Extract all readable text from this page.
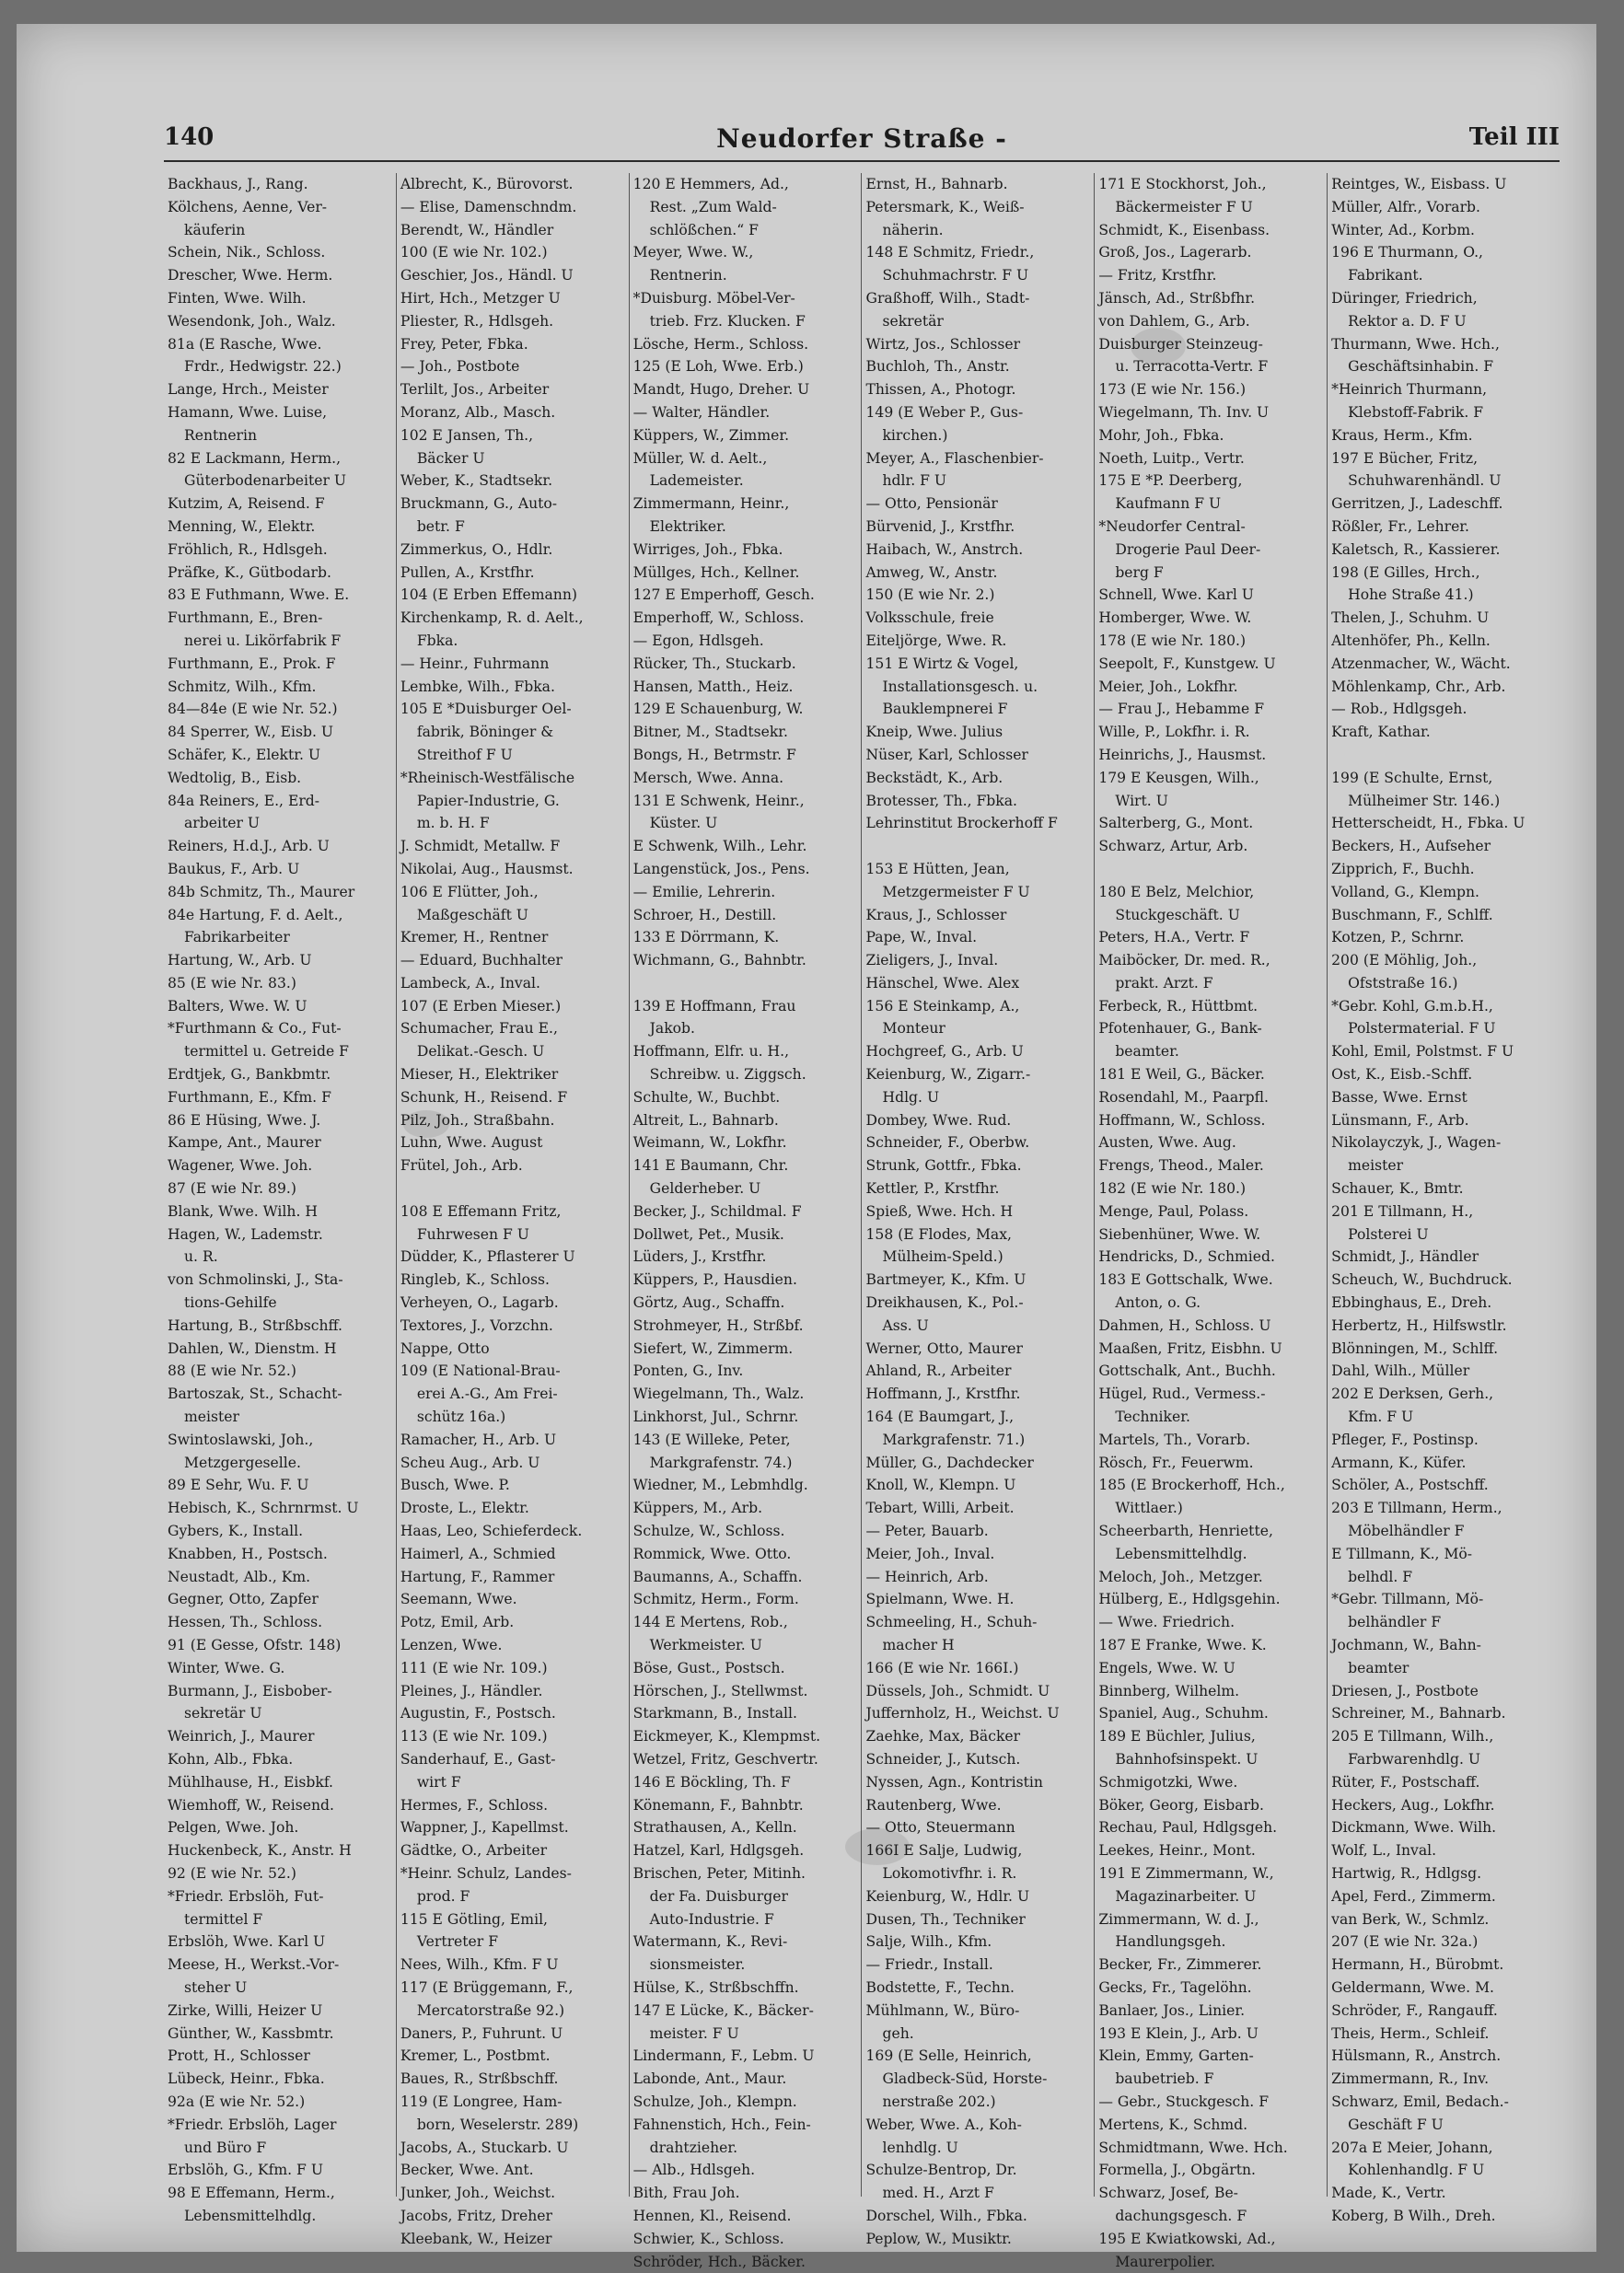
140	Neudorfer Straße -	Teil III
Backhaus, J., Rang.
Kölchens, Aenne, Ver-
käuferin
Schein, Nik., Schloss.
Drescher, Wwe. Herm.
Finten, Wwe. Wilh.
Wesendonk, Joh., Walz.
81a (E Rasche, Wwe.
Frdr., Hedwigstr. 22.)
Lange, Hrch., Meister
Hamann, Wwe. Luise,
Rentnerin
82 E Lackmann, Herm.,
Güterbodenarbeiter U
Kutzim, A, Reisend. F
Menning, W., Elektr.
Fröhlich, R., Hdlsgeh.
Präfke, K., Gütbodarb.
83 E Futhmann, Wwe. E.
Furthmann, E., Bren-
nerei u. Likörfabrik F
Furthmann, E., Prok. F
Schmitz, Wilh., Kfm.
84—84e (E wie Nr. 52.)
84 Sperrer, W., Eisb. U
Schäfer, K., Elektr. U
Wedtolig, B., Eisb.
84a Reiners, E., Erd-
arbeiter U
Reiners, H.d.J., Arb. U
Baukus, F., Arb. U
84b Schmitz, Th., Maurer
84e Hartung, F. d. Aelt.,
Fabrikarbeiter
Hartung, W., Arb. U
85 (E wie Nr. 83.)
Balters, Wwe. W. U
*Furthmann & Co., Fut-
termittel u. Getreide F
Erdtjek, G., Bankbmtr.
Furthmann, E., Kfm. F
86 E Hüsing, Wwe. J.
Kampe, Ant., Maurer
Wagener, Wwe. Joh.
87 (E wie Nr. 89.)
Blank, Wwe. Wilh. H
Hagen, W., Lademstr.
u. R.
von Schmolinski, J., Sta-
tions-Gehilfe
Hartung, B., Strßbschff.
Dahlen, W., Dienstm. H
88 (E wie Nr. 52.)
Bartoszak, St., Schacht-
meister
Swintoslawski, Joh.,
Metzgergeselle.
89 E Sehr, Wu. F. U
Hebisch, K., Schrnrmst. U
Gybers, K., Install.
Knabben, H., Postsch.
Neustadt, Alb., Km.
Gegner, Otto, Zapfer
Hessen, Th., Schloss.
91 (E Gesse, Ofstr. 148)
Winter, Wwe. G.
Burmann, J., Eisbober-
sekretär U
Weinrich, J., Maurer
Kohn, Alb., Fbka.
Mühlhause, H., Eisbkf.
Wiemhoff, W., Reisend.
Pelgen, Wwe. Joh.
Huckenbeck, K., Anstr. H
92 (E wie Nr. 52.)
*Friedr. Erbslöh, Fut-
termittel F
Erbslöh, Wwe. Karl U
Meese, H., Werkst.-Vor-
steher U
Zirke, Willi, Heizer U
Günther, W., Kassbmtr.
Prott, H., Schlosser
Lübeck, Heinr., Fbka.
92a (E wie Nr. 52.)
*Friedr. Erbslöh, Lager
und Büro F
Erbslöh, G., Kfm. F U
98 E Effemann, Herm.,
Lebensmittelhdlg.
Albrecht, K., Bürovorst.
— Elise, Damenschndm.
Berendt, W., Händler
100 (E wie Nr. 102.)
Geschier, Jos., Händl. U
Hirt, Hch., Metzger U
Pliester, R., Hdlsgeh.
Frey, Peter, Fbka.
— Joh., Postbote
Terlilt, Jos., Arbeiter
Moranz, Alb., Masch.
102 E Jansen, Th.,
Bäcker U
Weber, K., Stadtsekr.
Bruckmann, G., Auto-
betr. F
Zimmerkus, O., Hdlr.
Pullen, A., Krstfhr.
104 (E Erben Effemann)
Kirchenkamp, R. d. Aelt.,
Fbka.
— Heinr., Fuhrmann
Lembke, Wilh., Fbka.
105 E *Duisburger Oel-
fabrik, Böninger &
Streithof F U
*Rheinisch-Westfälische
Papier-Industrie, G.
m. b. H. F
J. Schmidt, Metallw. F
Nikolai, Aug., Hausmst.
106 E Flütter, Joh.,
Maßgeschäft U
Kremer, H., Rentner
— Eduard, Buchhalter
Lambeck, A., Inval.
107 (E Erben Mieser.)
Schumacher, Frau E.,
Delikat.-Gesch. U
Mieser, H., Elektriker
Schunk, H., Reisend. F
Pilz, Joh., Straßbahn.
Luhn, Wwe. August
Frütel, Joh., Arb.

108 E Effemann Fritz,
Fuhrwesen F U
Düdder, K., Pflasterer U
Ringleb, K., Schloss.
Verheyen, O., Lagarb.
Textores, J., Vorzchn.
Nappe, Otto
109 (E National-Brau-
erei A.-G., Am Frei-
schütz 16a.)
Ramacher, H., Arb. U
Scheu Aug., Arb. U
Busch, Wwe. P.
Droste, L., Elektr.
Haas, Leo, Schieferdeck.
Haimerl, A., Schmied
Hartung, F., Rammer
Seemann, Wwe.
Potz, Emil, Arb.
Lenzen, Wwe.
111 (E wie Nr. 109.)
Pleines, J., Händler.
Augustin, F., Postsch.
113 (E wie Nr. 109.)
Sanderhauf, E., Gast-
wirt F
Hermes, F., Schloss.
Wappner, J., Kapellmst.
Gädtke, O., Arbeiter
*Heinr. Schulz, Landes-
prod. F
115 E Götling, Emil,
Vertreter F
Nees, Wilh., Kfm. F U
117 (E Brüggemann, F.,
Mercatorstraße 92.)
Daners, P., Fuhrunt. U
Kremer, L., Postbmt.
Baues, R., Strßbschff.
119 (E Longree, Ham-
born, Weselerstr. 289)
Jacobs, A., Stuckarb. U
Becker, Wwe. Ant.
Junker, Joh., Weichst.
Jacobs, Fritz, Dreher
Kleebank, W., Heizer
120 E Hemmers, Ad.,
Rest. „Zum Wald-
schlößchen.“ F
Meyer, Wwe. W.,
Rentnerin.
*Duisburg. Möbel-Ver-
trieb. Frz. Klucken. F
Lösche, Herm., Schloss.
125 (E Loh, Wwe. Erb.)
Mandt, Hugo, Dreher. U
— Walter, Händler.
Küppers, W., Zimmer.
Müller, W. d. Aelt.,
Lademeister.
Zimmermann, Heinr.,
Elektriker.
Wirriges, Joh., Fbka.
Müllges, Hch., Kellner.
127 E Emperhoff, Gesch.
Emperhoff, W., Schloss.
— Egon, Hdlsgeh.
Rücker, Th., Stuckarb.
Hansen, Matth., Heiz.
129 E Schauenburg, W.
Bitner, M., Stadtsekr.
Bongs, H., Betrmstr. F
Mersch, Wwe. Anna.
131 E Schwenk, Heinr.,
Küster. U
E Schwenk, Wilh., Lehr.
Langenstück, Jos., Pens.
— Emilie, Lehrerin.
Schroer, H., Destill.
133 E Dörrmann, K.
Wichmann, G., Bahnbtr.

139 E Hoffmann, Frau
Jakob.
Hoffmann, Elfr. u. H.,
Schreibw. u. Ziggsch.
Schulte, W., Buchbt.
Altreit, L., Bahnarb.
Weimann, W., Lokfhr.
141 E Baumann, Chr.
Gelderheber. U
Becker, J., Schildmal. F
Dollwet, Pet., Musik.
Lüders, J., Krstfhr.
Küppers, P., Hausdien.
Görtz, Aug., Schaffn.
Strohmeyer, H., Strßbf.
Siefert, W., Zimmerm.
Ponten, G., Inv.
Wiegelmann, Th., Walz.
Linkhorst, Jul., Schrnr.
143 (E Willeke, Peter,
Markgrafenstr. 74.)
Wiedner, M., Lebmhdlg.
Küppers, M., Arb.
Schulze, W., Schloss.
Rommick, Wwe. Otto.
Baumanns, A., Schaffn.
Schmitz, Herm., Form.
144 E Mertens, Rob.,
Werkmeister. U
Böse, Gust., Postsch.
Hörschen, J., Stellwmst.
Starkmann, B., Install.
Eickmeyer, K., Klempmst.
Wetzel, Fritz, Geschvertr.
146 E Böckling, Th. F
Könemann, F., Bahnbtr.
Strathausen, A., Kelln.
Hatzel, Karl, Hdlgsgeh.
Brischen, Peter, Mitinh.
der Fa. Duisburger
Auto-Industrie. F
Watermann, K., Revi-
sionsmeister.
Hülse, K., Strßbschffn.
147 E Lücke, K., Bäcker-
meister. F U
Lindermann, F., Lebm. U
Labonde, Ant., Maur.
Schulze, Joh., Klempn.
Fahnenstich, Hch., Fein-
drahtzieher.
— Alb., Hdlsgeh.
Bith, Frau Joh.
Hennen, Kl., Reisend.
Schwier, K., Schloss.
Schröder, Hch., Bäcker.
Ernst, H., Bahnarb.
Petersmark, K., Weiß-
näherin.
148 E Schmitz, Friedr.,
Schuhmachrstr. F U
Graßhoff, Wilh., Stadt-
sekretär
Wirtz, Jos., Schlosser
Buchloh, Th., Anstr.
Thissen, A., Photogr.
149 (E Weber P., Gus-
kirchen.)
Meyer, A., Flaschenbier-
hdlr. F U
— Otto, Pensionär
Bürvenid, J., Krstfhr.
Haibach, W., Anstrch.
Amweg, W., Anstr.
150 (E wie Nr. 2.)
Volksschule, freie
Eiteljörge, Wwe. R.
151 E Wirtz & Vogel,
Installationsgesch. u.
Bauklempnerei F
Kneip, Wwe. Julius
Nüser, Karl, Schlosser
Beckstädt, K., Arb.
Brotesser, Th., Fbka.
Lehrinstitut Brockerhoff F

153 E Hütten, Jean,
Metzgermeister F U
Kraus, J., Schlosser
Pape, W., Inval.
Zieligers, J., Inval.
Hänschel, Wwe. Alex
156 E Steinkamp, A.,
Monteur
Hochgreef, G., Arb. U
Keienburg, W., Zigarr.-
Hdlg. U
Dombey, Wwe. Rud.
Schneider, F., Oberbw.
Strunk, Gottfr., Fbka.
Kettler, P., Krstfhr.
Spieß, Wwe. Hch. H
158 (E Flodes, Max,
Mülheim-Speld.)
Bartmeyer, K., Kfm. U
Dreikhausen, K., Pol.-
Ass. U
Werner, Otto, Maurer
Ahland, R., Arbeiter
Hoffmann, J., Krstfhr.
164 (E Baumgart, J.,
Markgrafenstr. 71.)
Müller, G., Dachdecker
Knoll, W., Klempn. U
Tebart, Willi, Arbeit.
— Peter, Bauarb.
Meier, Joh., Inval.
— Heinrich, Arb.
Spielmann, Wwe. H.
Schmeeling, H., Schuh-
macher H
166 (E wie Nr. 166I.)
Düssels, Joh., Schmidt. U
Juffernholz, H., Weichst. U
Zaehke, Max, Bäcker
Schneider, J., Kutsch.
Nyssen, Agn., Kontristin
Rautenberg, Wwe.
— Otto, Steuermann
166I E Salje, Ludwig,
Lokomotivfhr. i. R.
Keienburg, W., Hdlr. U
Dusen, Th., Techniker
Salje, Wilh., Kfm.
— Friedr., Install.
Bodstette, F., Techn.
Mühlmann, W., Büro-
geh.
169 (E Selle, Heinrich,
Gladbeck-Süd, Horste-
nerstraße 202.)
Weber, Wwe. A., Koh-
lenhdlg. U
Schulze-Bentrop, Dr.
med. H., Arzt F
Dorschel, Wilh., Fbka.
Peplow, W., Musiktr.
171 E Stockhorst, Joh.,
Bäckermeister F U
Schmidt, K., Eisenbass.
Groß, Jos., Lagerarb.
— Fritz, Krstfhr.
Jänsch, Ad., Strßbfhr.
von Dahlem, G., Arb.
Duisburger Steinzeug-
u. Terracotta-Vertr. F
173 (E wie Nr. 156.)
Wiegelmann, Th. Inv. U
Mohr, Joh., Fbka.
Noeth, Luitp., Vertr.
175 E *P. Deerberg,
Kaufmann F U
*Neudorfer Central-
Drogerie Paul Deer-
berg F
Schnell, Wwe. Karl U
Homberger, Wwe. W.
178 (E wie Nr. 180.)
Seepolt, F., Kunstgew. U
Meier, Joh., Lokfhr.
— Frau J., Hebamme F
Wille, P., Lokfhr. i. R.
Heinrichs, J., Hausmst.
179 E Keusgen, Wilh.,
Wirt. U
Salterberg, G., Mont.
Schwarz, Artur, Arb.

180 E Belz, Melchior,
Stuckgeschäft. U
Peters, H.A., Vertr. F
Maiböcker, Dr. med. R.,
prakt. Arzt. F
Ferbeck, R., Hüttbmt.
Pfotenhauer, G., Bank-
beamter.
181 E Weil, G., Bäcker.
Rosendahl, M., Paarpfl.
Hoffmann, W., Schloss.
Austen, Wwe. Aug.
Frengs, Theod., Maler.
182 (E wie Nr. 180.)
Menge, Paul, Polass.
Siebenhüner, Wwe. W.
Hendricks, D., Schmied.
183 E Gottschalk, Wwe.
Anton, o. G.
Dahmen, H., Schloss. U
Maaßen, Fritz, Eisbhn. U
Gottschalk, Ant., Buchh.
Hügel, Rud., Vermess.-
Techniker.
Martels, Th., Vorarb.
Rösch, Fr., Feuerwm.
185 (E Brockerhoff, Hch.,
Wittlaer.)
Scheerbarth, Henriette,
Lebensmittelhdlg.
Meloch, Joh., Metzger.
Hülberg, E., Hdlgsgehin.
— Wwe. Friedrich.
187 E Franke, Wwe. K.
Engels, Wwe. W. U
Binnberg, Wilhelm.
Spaniel, Aug., Schuhm.
189 E Büchler, Julius,
Bahnhofsinspekt. U
Schmigotzki, Wwe.
Böker, Georg, Eisbarb.
Rechau, Paul, Hdlgsgeh.
Leekes, Heinr., Mont.
191 E Zimmermann, W.,
Magazinarbeiter. U
Zimmermann, W. d. J.,
Handlungsgeh.
Becker, Fr., Zimmerer.
Gecks, Fr., Tagelöhn.
Banlaer, Jos., Linier.
193 E Klein, J., Arb. U
Klein, Emmy, Garten-
baubetrieb. F
— Gebr., Stuckgesch. F
Mertens, K., Schmd.
Schmidtmann, Wwe. Hch.
Formella, J., Obgärtn.
Schwarz, Josef, Be-
dachungsgesch. F
195 E Kwiatkowski, Ad.,
Maurerpolier.
Reintges, W., Eisbass. U
Müller, Alfr., Vorarb.
Winter, Ad., Korbm.
196 E Thurmann, O.,
Fabrikant.
Düringer, Friedrich,
Rektor a. D. F U
Thurmann, Wwe. Hch.,
Geschäftsinhabin. F
*Heinrich Thurmann,
Klebstoff-Fabrik. F
Kraus, Herm., Kfm.
197 E Bücher, Fritz,
Schuhwarenhändl. U
Gerritzen, J., Ladeschff.
Rößler, Fr., Lehrer.
Kaletsch, R., Kassierer.
198 (E Gilles, Hrch.,
Hohe Straße 41.)
Thelen, J., Schuhm. U
Altenhöfer, Ph., Kelln.
Atzenmacher, W., Wächt.
Möhlenkamp, Chr., Arb.
— Rob., Hdlgsgeh.
Kraft, Kathar.

199 (E Schulte, Ernst,
Mülheimer Str. 146.)
Hetterscheidt, H., Fbka. U
Beckers, H., Aufseher
Zipprich, F., Buchh.
Volland, G., Klempn.
Buschmann, F., Schlff.
Kotzen, P., Schrnr.
200 (E Möhlig, Joh.,
Ofststraße 16.)
*Gebr. Kohl, G.m.b.H.,
Polstermaterial. F U
Kohl, Emil, Polstmst. F U
Ost, K., Eisb.-Schff.
Basse, Wwe. Ernst
Lünsmann, F., Arb.
Nikolayczyk, J., Wagen-
meister
Schauer, K., Bmtr.
201 E Tillmann, H.,
Polsterei U
Schmidt, J., Händler
Scheuch, W., Buchdruck.
Ebbinghaus, E., Dreh.
Herbertz, H., Hilfswstlr.
Blönningen, M., Schlff.
Dahl, Wilh., Müller
202 E Derksen, Gerh.,
Kfm. F U
Pfleger, F., Postinsp.
Armann, K., Küfer.
Schöler, A., Postschff.
203 E Tillmann, Herm.,
Möbelhändler F
E Tillmann, K., Mö-
belhdl. F
*Gebr. Tillmann, Mö-
belhändler F
Jochmann, W., Bahn-
beamter
Driesen, J., Postbote
Schreiner, M., Bahnarb.
205 E Tillmann, Wilh.,
Farbwarenhdlg. U
Rüter, F., Postschaff.
Heckers, Aug., Lokfhr.
Dickmann, Wwe. Wilh.
Wolf, L., Inval.
Hartwig, R., Hdlgsg.
Apel, Ferd., Zimmerm.
van Berk, W., Schmlz.
207 (E wie Nr. 32a.)
Hermann, H., Bürobmt.
Geldermann, Wwe. M.
Schröder, F., Rangauff.
Theis, Herm., Schleif.
Hülsmann, R., Anstrch.
Zimmermann, R., Inv.
Schwarz, Emil, Bedach.-
Geschäft F U
207a E Meier, Johann,
Kohlenhandlg. F U
Made, K., Vertr.
Koberg, B Wilh., Dreh.
